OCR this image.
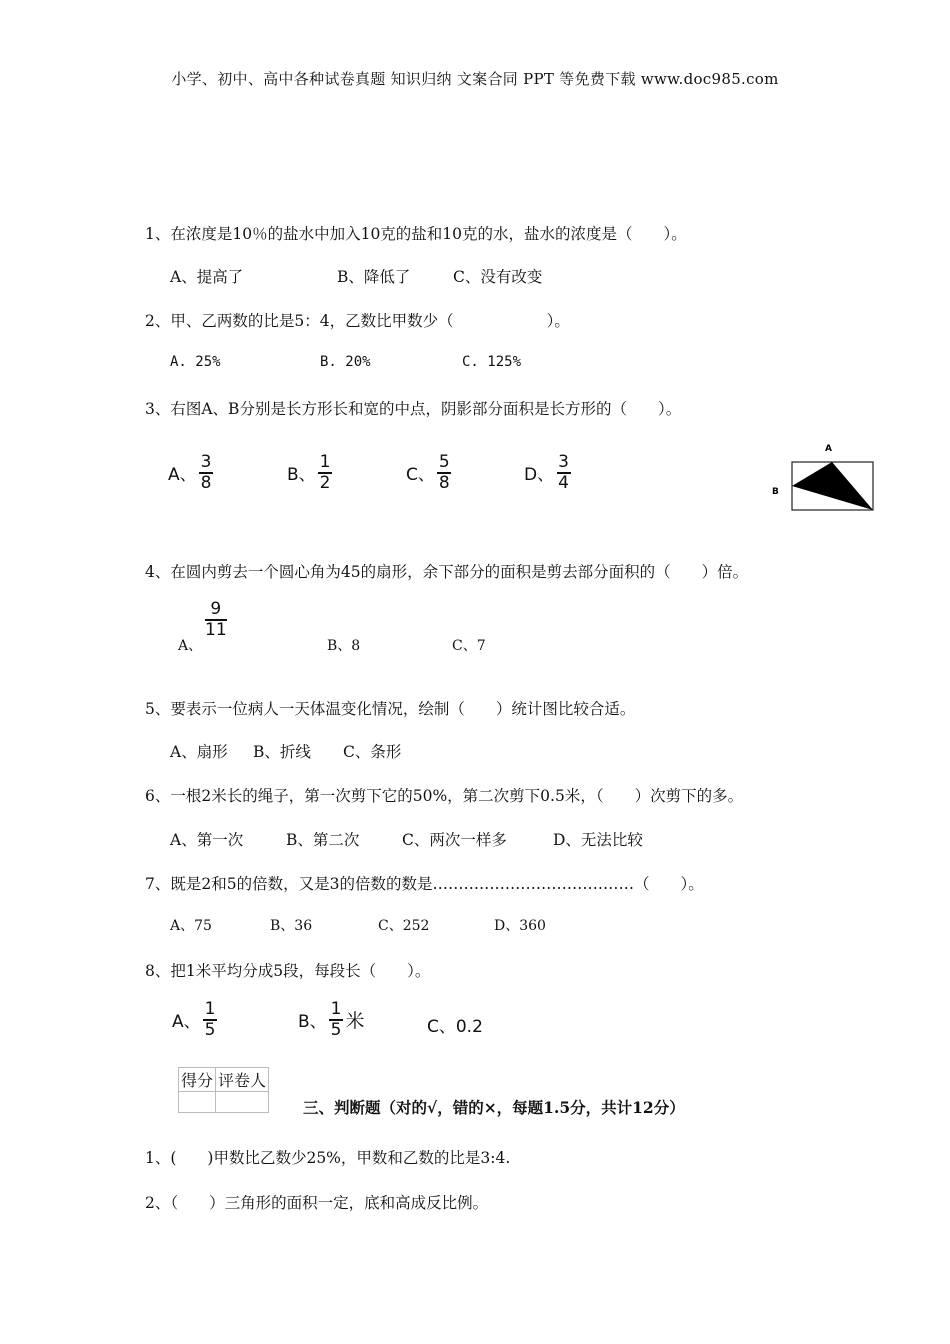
小学、初中、高中各种试卷真题 知识归纳 文案合同 PPT 等免费下载 www.doc985.com
1、在浓度是10％的盐水中加入10克的盐和10克的水，盐水的浓度是（　　）。
A、提高了	B、降低了	C、没有改变
2、甲、乙两数的比是5：4，乙数比甲数少（　　　　　　）。
A. 25%	B. 20%	C. 125%
3、右图A、B分别是长方形长和宽的中点，阴影部分面积是长方形的（　　）。
A、 $\frac{3}{8}$	B、 $\frac{1}{2}$	C、 $\frac{5}{8}$	D、 $\frac{3}{4}$
A
B
4、在圆内剪去一个圆心角为45的扇形，余下部分的面积是剪去部分面积的（　　）倍。
A、
$\frac{9}{11}$
B、8	C、7
5、要表示一位病人一天体温变化情况，绘制（　　）统计图比较合适。
A、扇形 B、折线 C、条形
6、一根2米长的绳子，第一次剪下它的50%，第二次剪下0.5米，（　　）次剪下的多。
A、第一次	B、第二次	C、两次一样多	D、无法比较
7、既是2和5的倍数，又是3的倍数的数是…………………………………（　　）。
A、75	B、36	C、252	D、360
8、把1米平均分成5段，每段长（　　）。
A、 $\frac{1}{5}$	B、 $\frac{1}{5}$ 米	C、0.2
得分	评卷人

三、判断题（对的√，错的×，每题1.5分，共计12分）
1、(　　)甲数比乙数少25%，甲数和乙数的比是3:4.
2、（　　）三角形的面积一定，底和高成反比例。
